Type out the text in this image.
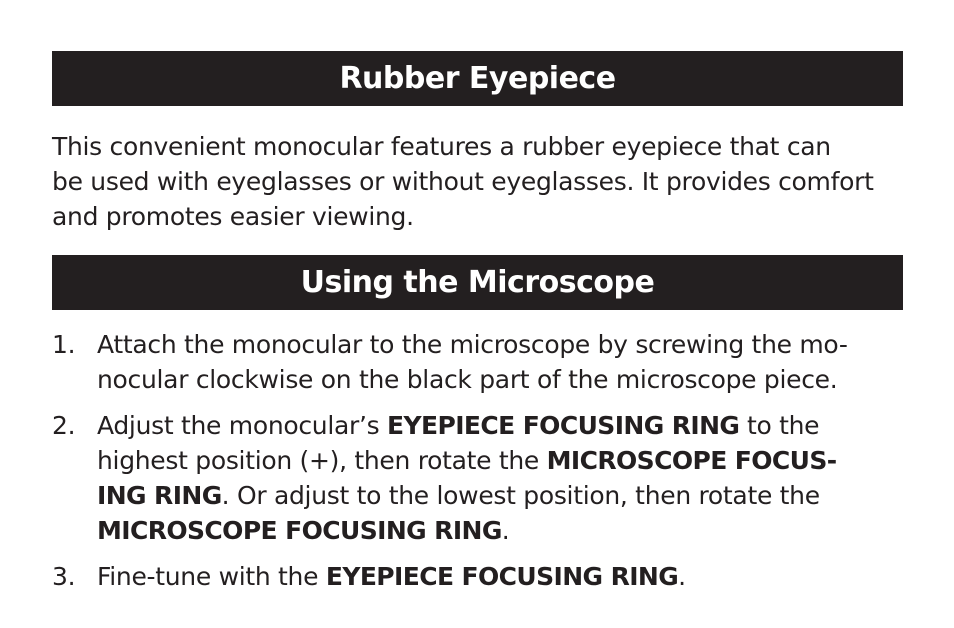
Rubber Eyepiece

This convenient monocular features a rubber eyepiece that can
be used with eyeglasses or without eyeglasses. It provides comfort
and promotes easier viewing.

Using the Microscope
1. Attach the monocular to the microscope by screwing the mo-
nocular clockwise on the black part of the microscope piece.
2. Adjust the monocular’s EYEPIECE FOCUSING RING to the
highest position (+), then rotate the MICROSCOPE FOCUS-
ING RING. Or adjust to the lowest position, then rotate the
MICROSCOPE FOCUSING RING.
3. Fine-tune with the EYEPIECE FOCUSING RING.
